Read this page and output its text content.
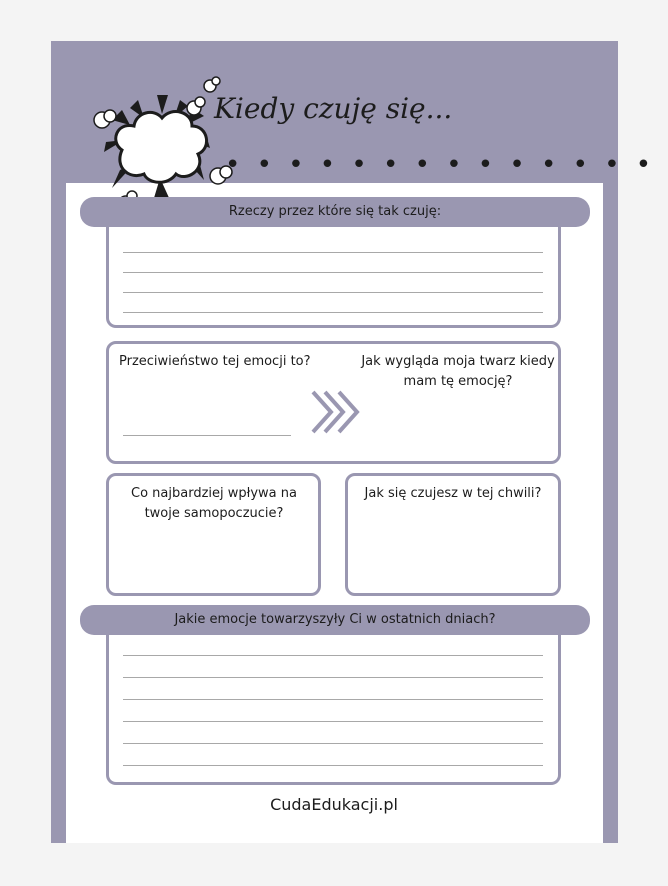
Kiedy czuję się...
• • • • • • • • • • • • • •
Rzeczy przez które się tak czuję:
Przeciwieństwo tej emocji to?	Jak wygląda moja twarz kiedy mam tę emocję?
Co najbardziej wpływa na twoje samopoczucie?
Jak się czujesz w tej chwili?
Jakie emocje towarzyszyły Ci w ostatnich dniach?
CudaEdukacji.pl
